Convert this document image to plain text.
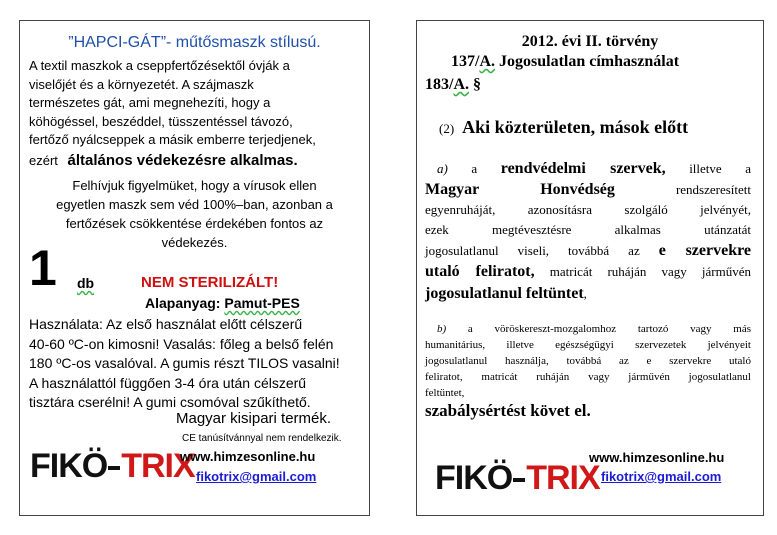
”HAPCI-GÁT”- műtősmaszk stílusú.
A textil maszkok a cseppfertőzésektől óvják a
viselőjét és a környezetét. A szájmaszk
természetes gát, ami megnehezíti, hogy a
köhögéssel, beszéddel, tüsszentéssel távozó,
fertőző nyálcseppek a másik emberre terjedjenek,
ezért általános védekezésre alkalmas.
Felhívjuk figyelmüket, hogy a vírusok ellen
egyetlen maszk sem véd 100%–ban, azonban a
fertőzések csökkentése érdekében fontos az
védekezés.
1 db	NEM STERILIZÁLT!
Alapanyag: Pamut-PES
Használata: Az első használat előtt célszerű
40-60 ºC-on kimosni! Vasalás: főleg a belső felén
180 ºC-os vasalóval. A gumis részt TILOS vasalni!
A használattól függően 3-4 óra után célszerű
tisztára cserélni! A gumi csomóval szűkíthető.
Magyar kisipari termék.
CE tanúsítvánnyal nem rendelkezik.
FIKÖ TRIX
www.himzesonline.hu
fikotrix@gmail.com
2012. évi II. törvény
137/A. Jogosulatlan címhasználat
183/A. §
(2) Aki közterületen, mások előtt
a) a rendvédelmi szervek, illetve a
Magyar	Honvédség	rendszeresített
egyenruháját, azonosításra szolgáló jelvényét,
ezek megtévesztésre alkalmas utánzatát
jogosulatlanul viseli, továbbá az e szervekre
utaló feliratot, matricát ruháján vagy járművén
jogosulatlanul feltüntet,
b) a vöröskereszt-mozgalomhoz tartozó vagy más
humanitárius, illetve egészségügyi szervezetek jelvényeit
jogosulatlanul használja, továbbá az e szervekre utaló
feliratot, matricát ruháján vagy járművén jogosulatlanul
feltüntet,
szabálysértést követ el.
FIKÖ TRIX
www.himzesonline.hu
fikotrix@gmail.com
